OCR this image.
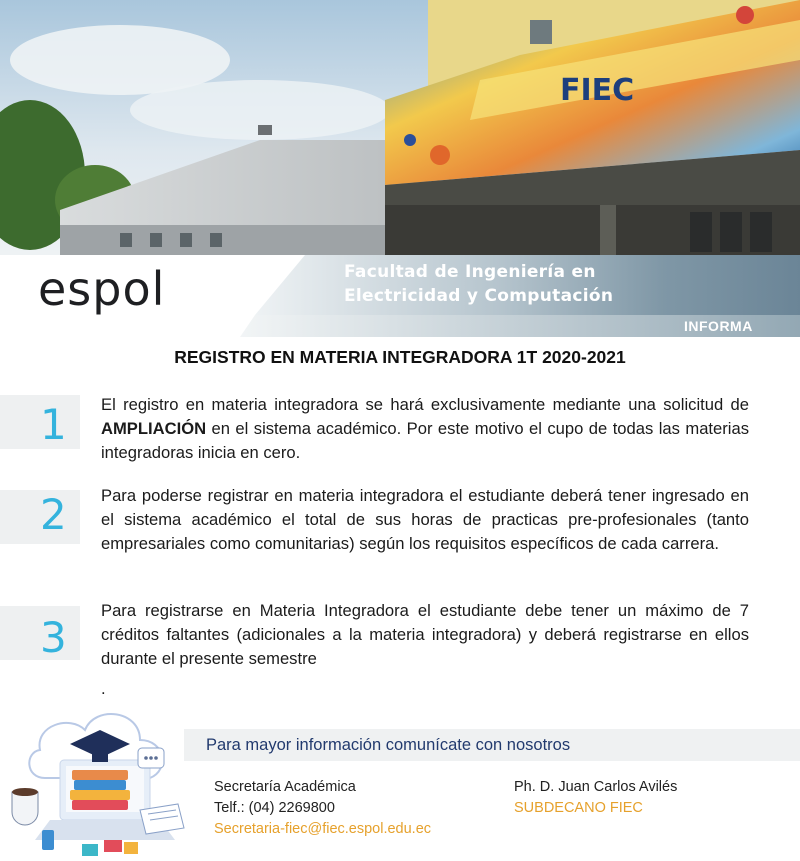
FIEC
espol	Facultad de Ingeniería en
Electricidad y Computación
INFORMA
REGISTRO EN MATERIA INTEGRADORA 1T 2020-2021
1 El registro en materia integradora se hará exclusivamente mediante una solicitud de AMPLIACIÓN en el sistema académico. Por este motivo el cupo de todas las materias integradoras inicia en cero.
2 Para poderse registrar en materia integradora el estudiante deberá tener ingresado en el sistema académico el total de sus horas de practicas pre-profesionales (tanto empresariales como comunitarias) según los requisitos específicos de cada carrera.
3
Para registrarse en Materia Integradora el estudiante debe tener un máximo de 7 créditos faltantes (adicionales a la materia integradora) y deberá registrarse en ellos durante el presente semestre
.
Para mayor información comunícate con nosotros
Secretaría Académica
Telf.: (04) 2269800
Secretaria-fiec@fiec.espol.edu.ec
Ph. D. Juan Carlos Avilés
SUBDECANO FIEC
